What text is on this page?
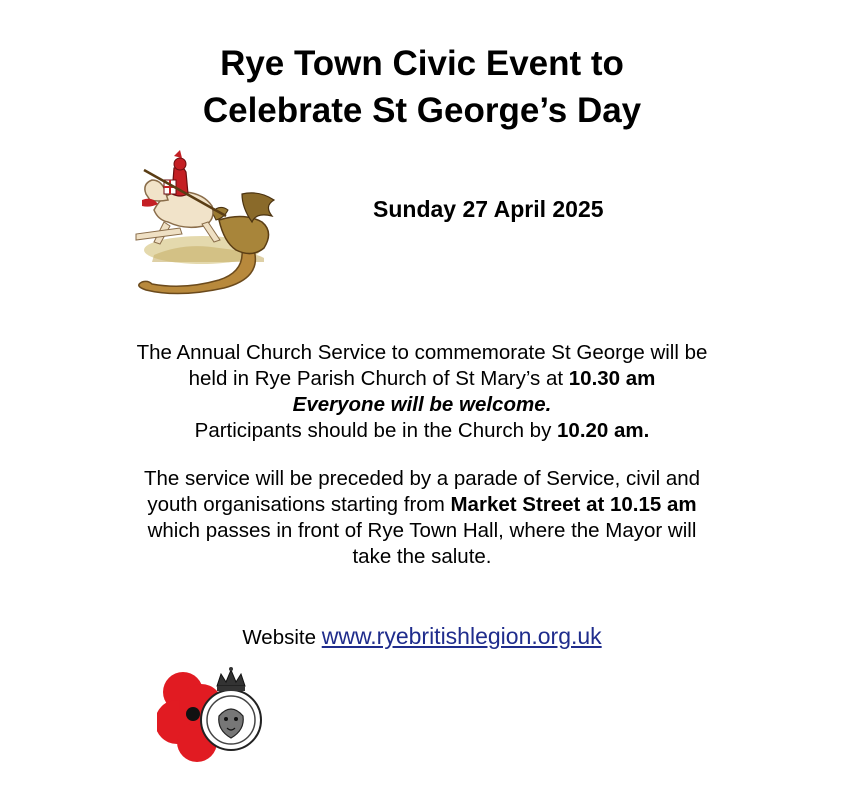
Rye Town Civic Event to
Celebrate St George’s Day
Sunday 27 April 2025
The Annual Church Service to commemorate St George will be
held in Rye Parish Church of St Mary’s at 10.30 am
Everyone will be welcome.
Participants should be in the Church by 10.20 am.
The service will be preceded by a parade of Service, civil and
youth organisations starting from Market Street at 10.15 am
which passes in front of Rye Town Hall, where the Mayor will
take the salute.

Website www.ryebritishlegion.org.uk
